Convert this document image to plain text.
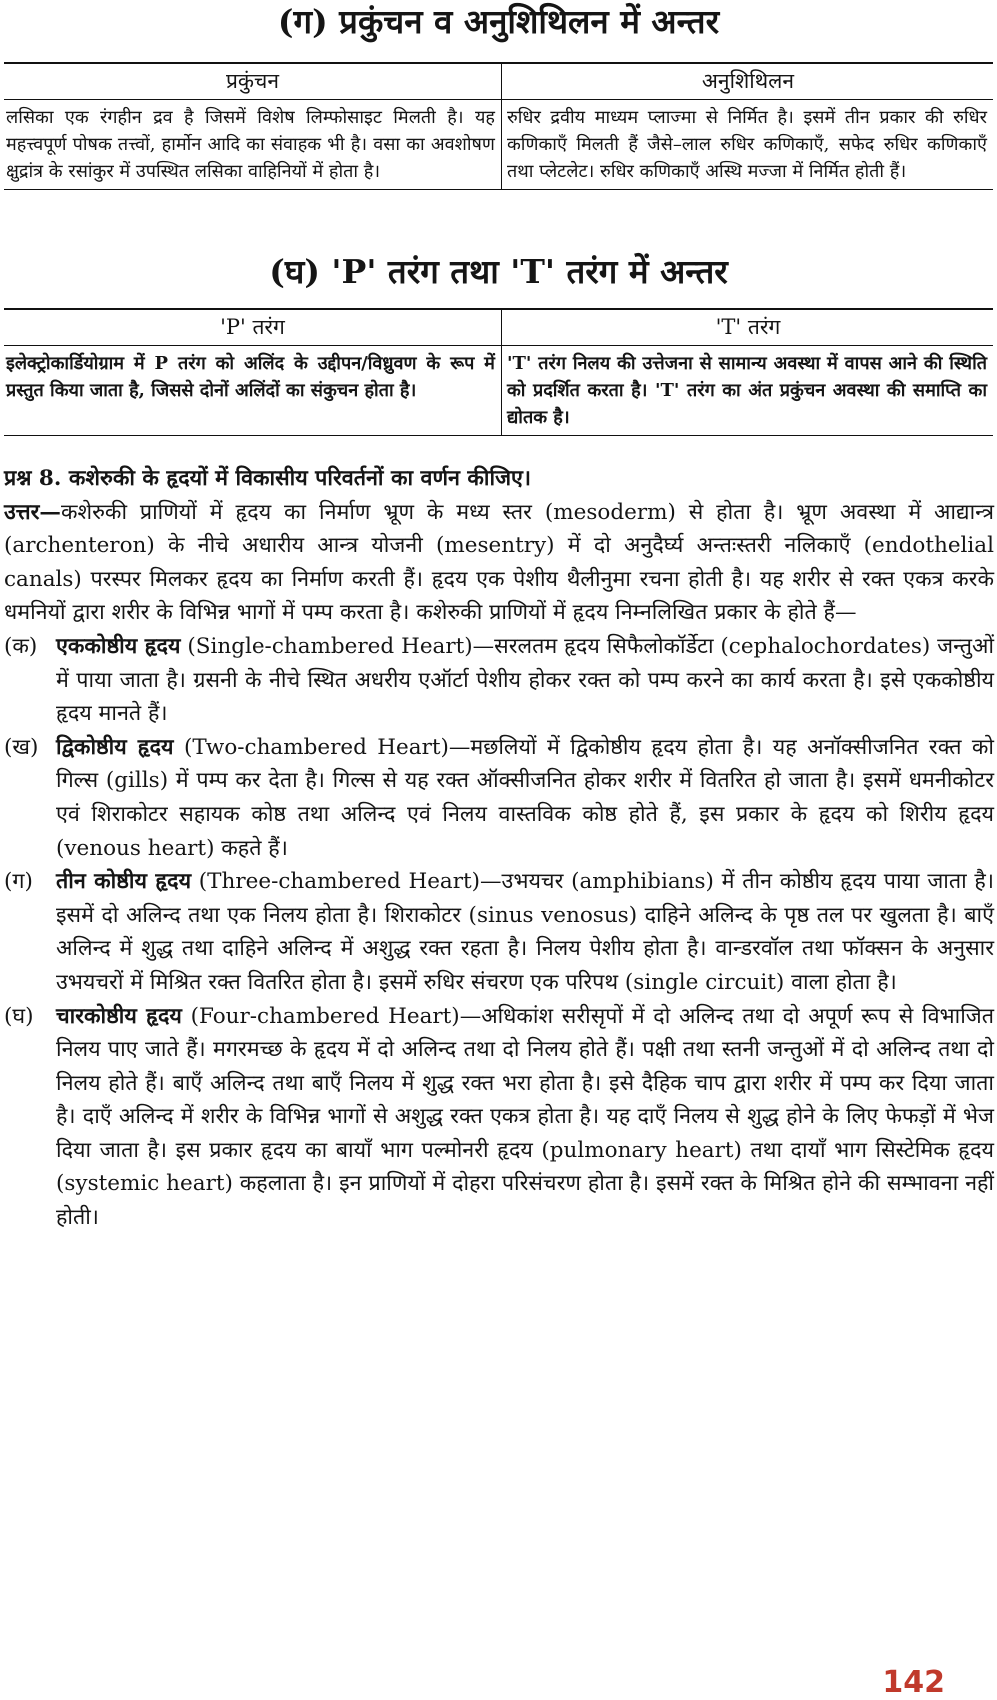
(ग) प्रकुंचन व अनुशिथिलन में अन्तर
प्रकुंचन	अनुशिथिलन
लसिका एक रंगहीन द्रव है जिसमें विशेष लिम्फोसाइट मिलती है। यह महत्त्वपूर्ण पोषक तत्त्वों, हार्मोन आदि का संवाहक भी है। वसा का अवशोषण क्षुद्रांत्र के रसांकुर में उपस्थित लसिका वाहिनियों में होता है।	रुधिर द्रवीय माध्यम प्लाज्मा से निर्मित है। इसमें तीन प्रकार की रुधिर कणिकाएँ मिलती हैं जैसे–लाल रुधिर कणिकाएँ, सफेद रुधिर कणिकाएँ तथा प्लेटलेट। रुधिर कणिकाएँ अस्थि मज्जा में निर्मित होती हैं।
(घ) 'P' तरंग तथा 'T' तरंग में अन्तर
'P' तरंग	'T' तरंग
इलेक्ट्रोकार्डियोग्राम में P तरंग को अलिंद के उद्दीपन/विध्रुवण के रूप में प्रस्तुत किया जाता है, जिससे दोनों अलिंदों का संकुचन होता है।	'T' तरंग निलय की उत्तेजना से सामान्य अवस्था में वापस आने की स्थिति को प्रदर्शित करता है। 'T' तरंग का अंत प्रकुंचन अवस्था की समाप्ति का द्योतक है।

प्रश्न 8. कशेरुकी के हृदयों में विकासीय परिवर्तनों का वर्णन कीजिए।

उत्तर—कशेरुकी प्राणियों में हृदय का निर्माण भ्रूण के मध्य स्तर (mesoderm) से होता है। भ्रूण अवस्था में आद्यान्त्र (archenteron) के नीचे अधारीय आन्त्र योजनी (mesentry) में दो अनुदैर्घ्य अन्तःस्तरी नलिकाएँ (endothelial canals) परस्पर मिलकर हृदय का निर्माण करती हैं। हृदय एक पेशीय थैलीनुमा रचना होती है। यह शरीर से रक्त एकत्र करके धमनियों द्वारा शरीर के विभिन्न भागों में पम्प करता है। कशेरुकी प्राणियों में हृदय निम्नलिखित प्रकार के होते हैं—

(क) एककोष्ठीय हृदय (Single-chambered Heart)—सरलतम हृदय सिफैलोकॉर्डेटा (cephalochordates) जन्तुओं में पाया जाता है। ग्रसनी के नीचे स्थित अधरीय एऑर्टा पेशीय होकर रक्त को पम्प करने का कार्य करता है। इसे एककोष्ठीय हृदय मानते हैं।
(ख) द्विकोष्ठीय हृदय (Two-chambered Heart)—मछलियों में द्विकोष्ठीय हृदय होता है। यह अनॉक्सीजनित रक्त को गिल्स (gills) में पम्प कर देता है। गिल्स से यह रक्त ऑक्सीजनित होकर शरीर में वितरित हो जाता है। इसमें धमनीकोटर एवं शिराकोटर सहायक कोष्ठ तथा अलिन्द एवं निलय वास्तविक कोष्ठ होते हैं, इस प्रकार के हृदय को शिरीय हृदय (venous heart) कहते हैं।
(ग)	तीन कोष्ठीय हृदय (Three-chambered Heart)—उभयचर (amphibians) में तीन कोष्ठीय हृदय पाया जाता है। इसमें दो अलिन्द तथा एक निलय होता है। शिराकोटर (sinus venosus) दाहिने अलिन्द के पृष्ठ तल पर खुलता है। बाएँ अलिन्द में शुद्ध तथा दाहिने अलिन्द में अशुद्ध रक्त रहता है। निलय पेशीय होता है। वान्डरवॉल तथा फॉक्सन के अनुसार उभयचरों में मिश्रित रक्त वितरित होता है। इसमें रुधिर संचरण एक परिपथ (single circuit) वाला होता है।
(घ)	चारकोष्ठीय हृदय (Four-chambered Heart)—अधिकांश सरीसृपों में दो अलिन्द तथा दो अपूर्ण रूप से विभाजित निलय पाए जाते हैं। मगरमच्छ के हृदय में दो अलिन्द तथा दो निलय होते हैं। पक्षी तथा स्तनी जन्तुओं में दो अलिन्द तथा दो निलय होते हैं। बाएँ अलिन्द तथा बाएँ निलय में शुद्ध रक्त भरा होता है। इसे दैहिक चाप द्वारा शरीर में पम्प कर दिया जाता है। दाएँ अलिन्द में शरीर के विभिन्न भागों से अशुद्ध रक्त एकत्र होता है। यह दाएँ निलय से शुद्ध होने के लिए फेफड़ों में भेज दिया जाता है। इस प्रकार हृदय का बायाँ भाग पल्मोनरी हृदय (pulmonary heart) तथा दायाँ भाग सिस्टेमिक हृदय (systemic heart) कहलाता है। इन प्राणियों में दोहरा परिसंचरण होता है। इसमें रक्त के मिश्रित होने की सम्भावना नहीं होती।
142
